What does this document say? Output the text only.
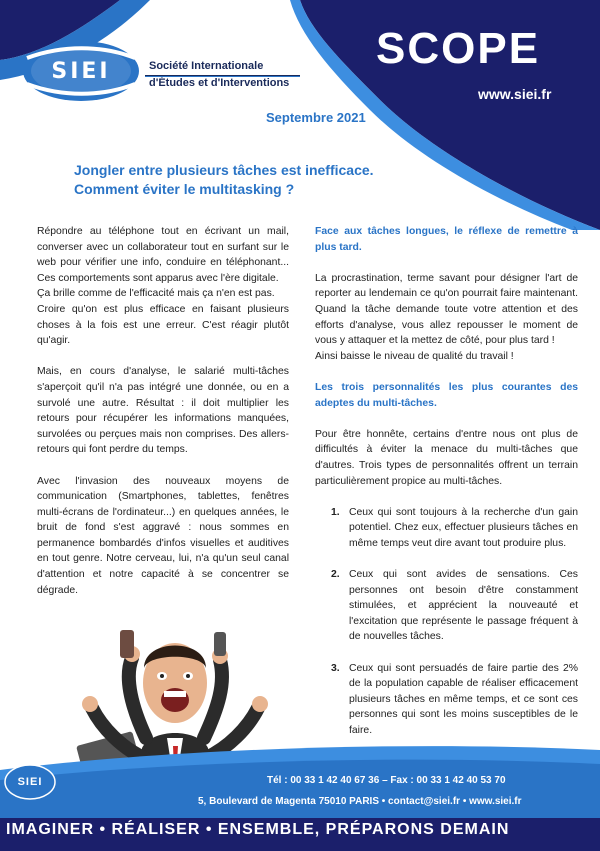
SIEI	Société Internationale
d'Études et d'Interventions
SCOPE
www.siei.fr
Septembre 2021
Jongler entre plusieurs tâches est inefficace.
Comment éviter le multitasking ?

Répondre au téléphone tout en écrivant un mail, converser avec un collaborateur tout en surfant sur le web pour vérifier une info, conduire en téléphonant... Ces comportements sont apparus avec l'ère digitale.

Ça brille comme de l'efficacité mais ça n'en est pas.

Croire qu'on est plus efficace en faisant plusieurs choses à la fois est une erreur. C'est réagir plutôt qu'agir.

Mais, en cours d'analyse, le salarié multi-tâches s'aperçoit qu'il n'a pas intégré une donnée, ou en a survolé une autre. Résultat : il doit multiplier les retours pour récupérer les informations manquées, survolées ou perçues mais non comprises. Des allers-retours qui font perdre du temps.

Avec l'invasion des nouveaux moyens de communication (Smartphones, tablettes, fenêtres multi-écrans de l'ordinateur...) en quelques années, le bruit de fond s'est aggravé : nous sommes en permanence bombardés d'infos visuelles et auditives en tout genre. Notre cerveau, lui, n'a qu'un seul canal d'attention et notre capacité à se concentrer se dégrade.

Face aux tâches longues, le réflexe de remettre à plus tard.

La procrastination, terme savant pour désigner l'art de reporter au lendemain ce qu'on pourrait faire maintenant. Quand la tâche demande toute votre attention et des efforts d'analyse, vous allez repousser le moment de vous y attaquer et la mettez de côté, pour plus tard !

Ainsi baisse le niveau de qualité du travail !

Les trois personnalités les plus courantes des adeptes du multi-tâches.

Pour être honnête, certains d'entre nous ont plus de difficultés à éviter la menace du multi-tâches que d'autres. Trois types de personnalités offrent un terrain particulièrement propice au multi-tâches.

1. Ceux qui sont toujours à la recherche d'un gain potentiel. Chez eux, effectuer plusieurs tâches en même temps veut dire avant tout produire plus.
2. Ceux qui sont avides de sensations. Ces personnes ont besoin d'être constamment stimulées, et apprécient la nouveauté et l'excitation que représente le passage fréquent à de nouvelles tâches.
3. Ceux qui sont persuadés de faire partie des 2% de la population capable de réaliser efficacement plusieurs tâches en même temps, et ce sont ces personnes qui sont les moins susceptibles de le faire.
SIEI	Tél : 00 33 1 42 40 67 36 – Fax : 00 33 1 42 40 53 70
5, Boulevard de Magenta 75010 PARIS • contact@siei.fr • www.siei.fr
IMAGINER • RÉALISER • ENSEMBLE, PRÉPARONS DEMAIN
